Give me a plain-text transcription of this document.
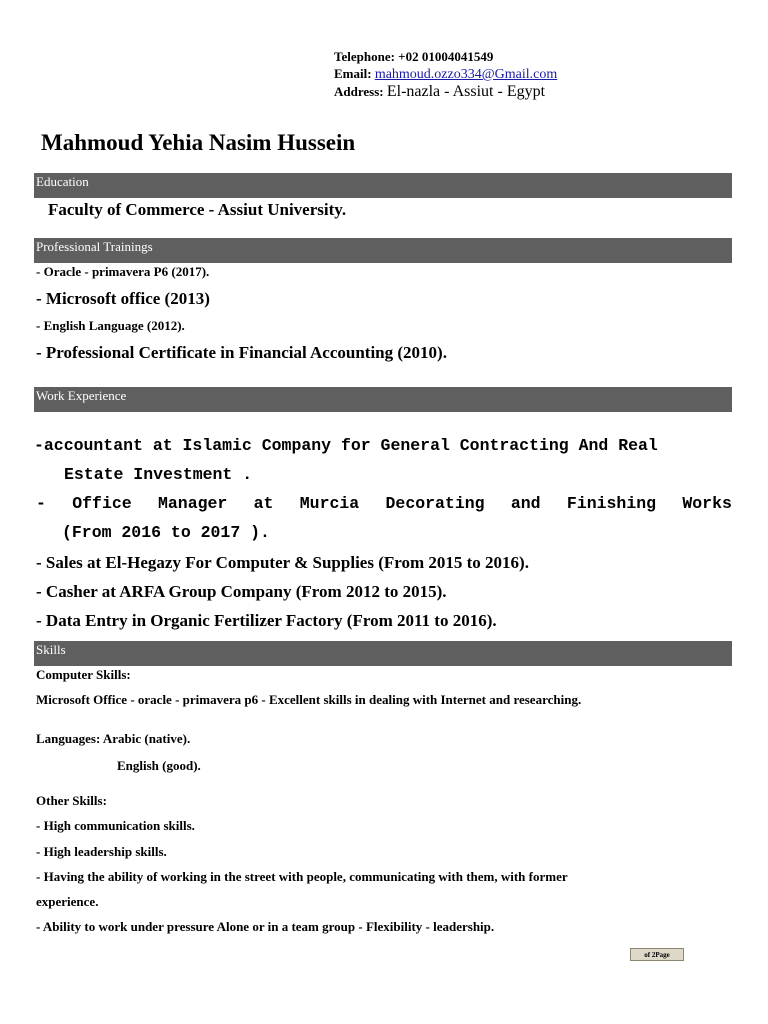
Telephone: +02 01004041549
Email: mahmoud.ozzo334@Gmail.com
Address: El-nazla - Assiut - Egypt
Mahmoud Yehia Nasim Hussein
Education
Faculty of Commerce - Assiut University.
Professional Trainings
- Oracle - primavera P6 (2017).
- Microsoft office (2013)
- English Language (2012).
- Professional Certificate in Financial Accounting (2010).
Work Experience
-accountant at Islamic Company for General Contracting And Real
Estate Investment .
- Office Manager at Murcia Decorating and Finishing Works
(From 2016 to 2017 ).
- Sales at El-Hegazy For Computer & Supplies (From 2015 to 2016).
- Casher at ARFA Group Company (From 2012 to 2015).
- Data Entry in Organic Fertilizer Factory (From 2011 to 2016).
Skills
Computer Skills:
Microsoft Office - oracle - primavera p6 - Excellent skills in dealing with Internet and researching.
Languages: Arabic (native).
English (good).
Other Skills:
- High communication skills.
- High leadership skills.
- Having the ability of working in the street with people, communicating with them, with former
experience.
- Ability to work under pressure Alone or in a team group - Flexibility - leadership.
of 2Page
